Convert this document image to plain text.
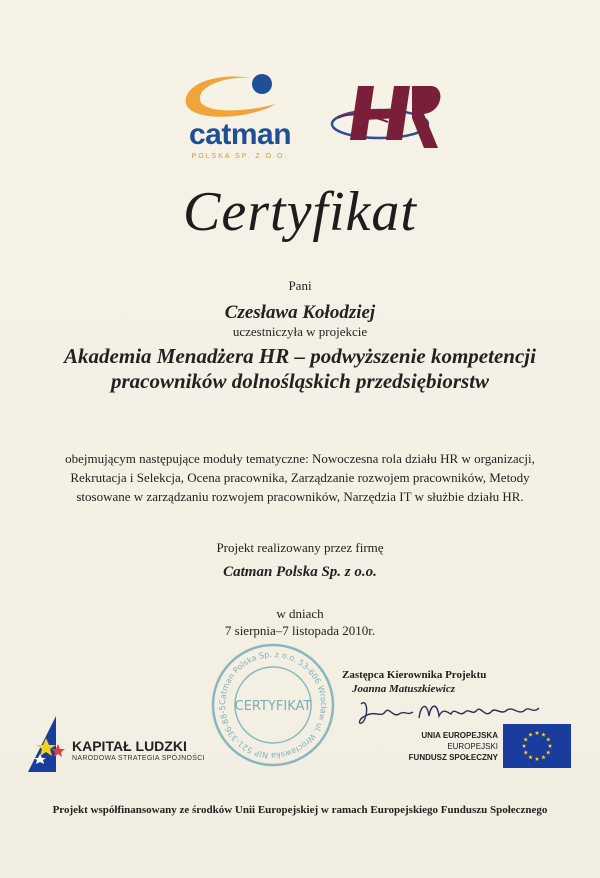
catman
POLSKA SP. Z O.O.
Certyfikat
Pani
Czesława Kołodziej
uczestniczyła w projekcie
Akademia Menadżera HR – podwyższenie kompetencji pracowników dolnośląskich przedsiębiorstw
obejmującym następujące moduły tematyczne: Nowoczesna rola działu HR w organizacji, Rekrutacja i Selekcja, Ocena pracownika, Zarządzanie rozwojem pracowników, Metody stosowane w zarządzaniu rozwojem pracowników, Narzędzia IT w służbie działu HR.
Projekt realizowany przez firmę
Catman Polska Sp. z o.o.
w dniach
7 sierpnia–7 listopada 2010r.
Catman Polska Sp. z o.o. 53-606 Wrocław ul. Wrocławska NIP 521-336-88-5 CERTYFIKAT
Zastępca Kierownika Projektu
Joanna Matuszkiewicz
KAPITAŁ LUDZKI
NARODOWA STRATEGIA SPÓJNOŚCI
UNIA EUROPEJSKA
EUROPEJSKI
FUNDUSZ SPOŁECZNY
Projekt współfinansowany ze środków Unii Europejskiej w ramach Europejskiego Funduszu Społecznego
